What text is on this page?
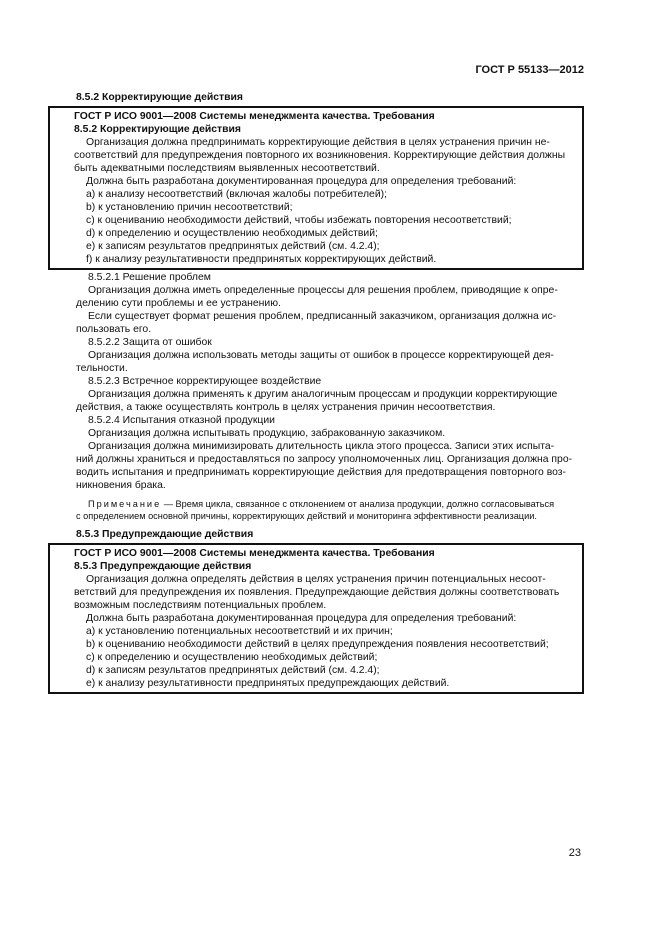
ГОСТ Р 55133—2012

8.5.2 Корректирующие действия

ГОСТ Р ИСО 9001—2008 Системы менеджмента качества. Требования

8.5.2 Корректирующие действия

Организация должна предпринимать корректирующие действия в целях устранения причин не-

соответствий для предупреждения повторного их возникновения. Корректирующие действия должны

быть адекватными последствиям выявленных несоответствий.

Должна быть разработана документированная процедура для определения требований:

a) к анализу несоответствий (включая жалобы потребителей);

b) к установлению причин несоответствий;

c) к оцениванию необходимости действий, чтобы избежать повторения несоответствий;

d) к определению и осуществлению необходимых действий;

e) к записям результатов предпринятых действий (см. 4.2.4);

f) к анализу результативности предпринятых корректирующих действий.

8.5.2.1 Решение проблем

Организация должна иметь определенные процессы для решения проблем, приводящие к опре-

делению сути проблемы и ее устранению.

Если существует формат решения проблем, предписанный заказчиком, организация должна ис-

пользовать его.

8.5.2.2 Защита от ошибок

Организация должна использовать методы защиты от ошибок в процессе корректирующей дея-

тельности.

8.5.2.3 Встречное корректирующее воздействие

Организация должна применять к другим аналогичным процессам и продукции корректирующие

действия, а также осуществлять контроль в целях устранения причин несоответствия.

8.5.2.4 Испытания отказной продукции

Организация должна испытывать продукцию, забракованную заказчиком.

Организация должна минимизировать длительность цикла этого процесса. Записи этих испыта-

ний должны храниться и предоставляться по запросу уполномоченных лиц. Организация должна про-

водить испытания и предпринимать корректирующие действия для предотвращения повторного воз-

никновения брака.

Примечание — Время цикла, связанное с отклонением от анализа продукции, должно согласовываться

с определением основной причины, корректирующих действий и мониторинга эффективности реализации.

8.5.3 Предупреждающие действия

ГОСТ Р ИСО 9001—2008 Системы менеджмента качества. Требования

8.5.3 Предупреждающие действия

Организация должна определять действия в целях устранения причин потенциальных несоот-

ветствий для предупреждения их появления. Предупреждающие действия должны соответствовать

возможным последствиям потенциальных проблем.

Должна быть разработана документированная процедура для определения требований:

a) к установлению потенциальных несоответствий и их причин;

b) к оцениванию необходимости действий в целях предупреждения появления несоответствий;

c) к определению и осуществлению необходимых действий;

d) к записям результатов предпринятых действий (см. 4.2.4);

e) к анализу результативности предпринятых предупреждающих действий.

23
